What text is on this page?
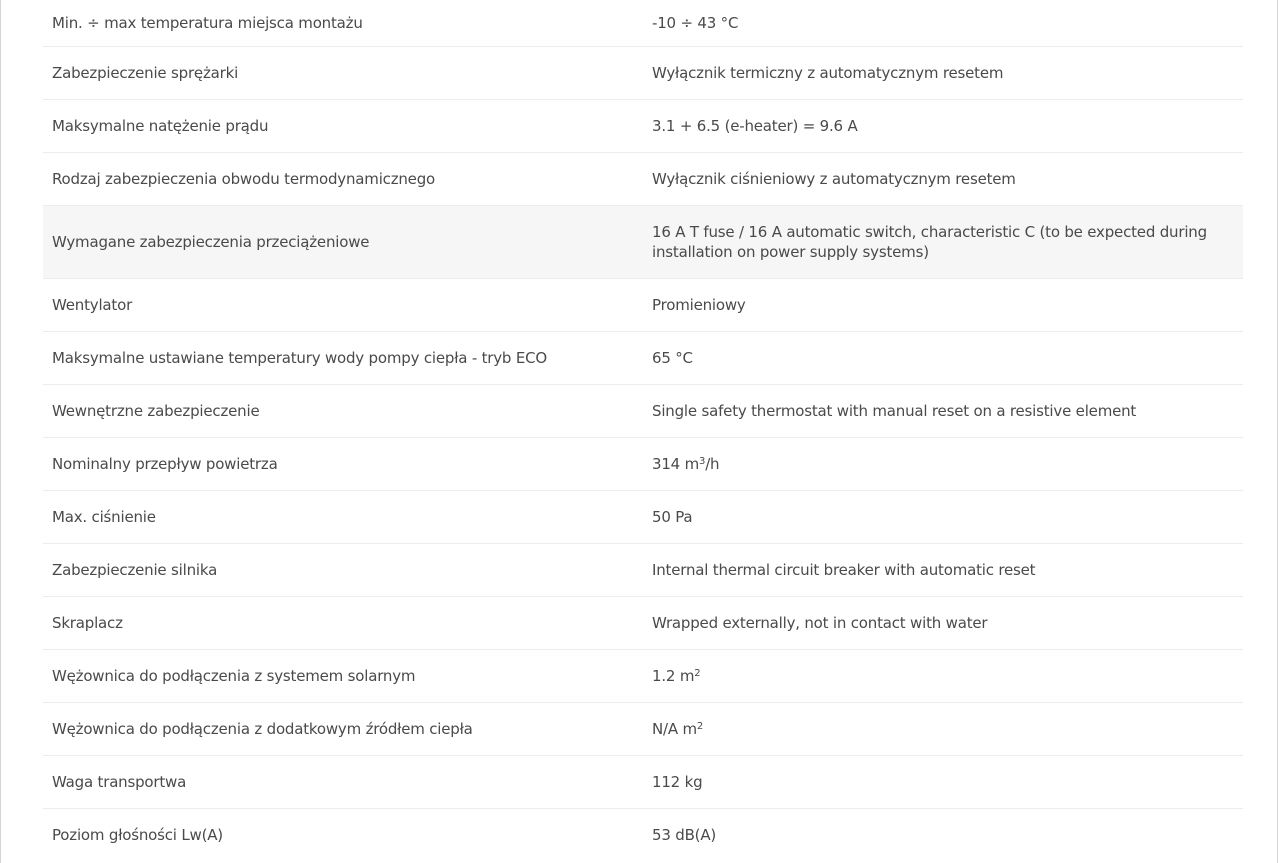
Min. ÷ max temperatura miejsca montażu	-10 ÷ 43 °C
Zabezpieczenie sprężarki	Wyłącznik termiczny z automatycznym resetem
Maksymalne natężenie prądu	3.1 + 6.5 (e-heater) = 9.6 A
Rodzaj zabezpieczenia obwodu termodynamicznego	Wyłącznik ciśnieniowy z automatycznym resetem
Wymagane zabezpieczenia przeciążeniowe	16 A T fuse / 16 A automatic switch, characteristic C (to be expected during installation on power supply systems)
Wentylator	Promieniowy
Maksymalne ustawiane temperatury wody pompy ciepła - tryb ECO	65 °C
Wewnętrzne zabezpieczenie	Single safety thermostat with manual reset on a resistive element
Nominalny przepływ powietrza	314 $m^3/h$
Max. ciśnienie	50 Pa
Zabezpieczenie silnika	Internal thermal circuit breaker with automatic reset
Skraplacz	Wrapped externally, not in contact with water
Wężownica do podłączenia z systemem solarnym	1.2 $m^2$
Wężownica do podłączenia z dodatkowym źródłem ciepła	N/A $m^2$
Waga transportwa	112 kg
Poziom głośności Lw(A)	53 dB(A)
